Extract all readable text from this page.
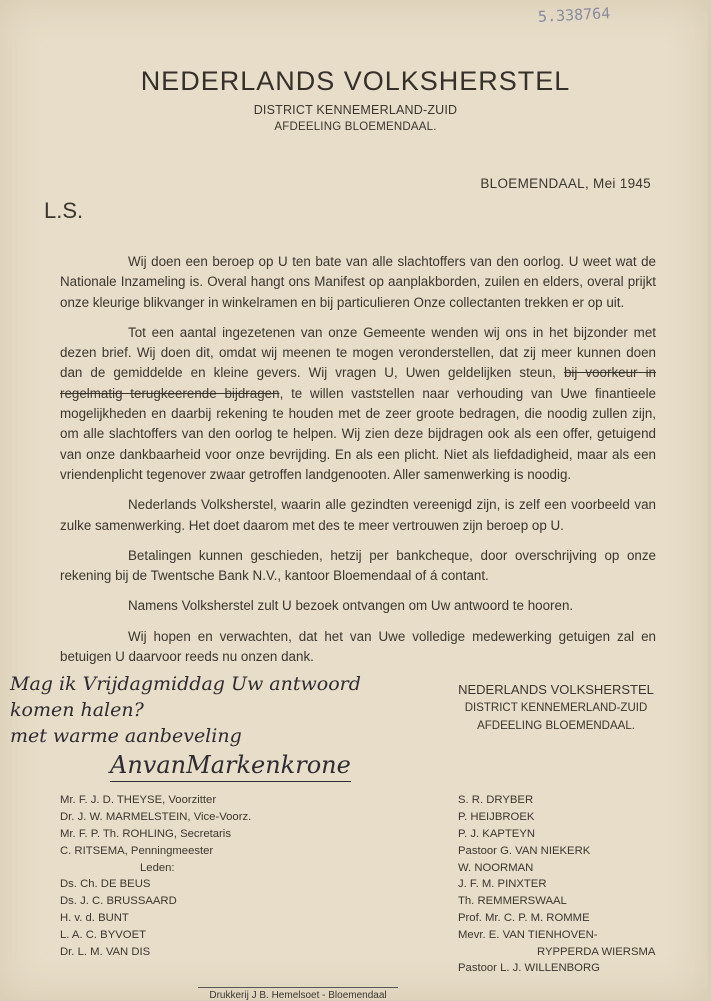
5.338764
NEDERLANDS VOLKSHERSTEL
DISTRICT KENNEMERLAND-ZUID
AFDEELING BLOEMENDAAL.
BLOEMENDAAL, Mei 1945
L.S.

Wij doen een beroep op U ten bate van alle slachtoffers van den oorlog. U weet wat de Nationale Inzameling is. Overal hangt ons Manifest op aanplakborden, zuilen en elders, overal prijkt onze kleurige blikvanger in winkelramen en bij particulieren Onze collectanten trekken er op uit.

Tot een aantal ingezetenen van onze Gemeente wenden wij ons in het bijzonder met dezen brief. Wij doen dit, omdat wij meenen te mogen veronderstellen, dat zij meer kunnen doen dan de gemiddelde en kleine gevers. Wij vragen U, Uwen geldelijken steun, bij voorkeur in regelmatig terugkeerende bijdragen, te willen vaststellen naar verhouding van Uwe finantieele mogelijkheden en daarbij rekening te houden met de zeer groote bedragen, die noodig zullen zijn, om alle slachtoffers van den oorlog te helpen. Wij zien deze bijdragen ook als een offer, getuigend van onze dankbaarheid voor onze bevrijding. En als een plicht. Niet als liefdadigheid, maar als een vriendenplicht tegenover zwaar getroffen landgenooten. Aller samenwerking is noodig.

Nederlands Volksherstel, waarin alle gezindten vereenigd zijn, is zelf een voorbeeld van zulke samenwerking. Het doet daarom met des te meer vertrouwen zijn beroep op U.

Betalingen kunnen geschieden, hetzij per bankcheque, door overschrijving op onze rekening bij de Twentsche Bank N.V., kantoor Bloemendaal of á contant.

Namens Volksherstel zult U bezoek ontvangen om Uw antwoord te hooren.

Wij hopen en verwachten, dat het van Uwe volledige medewerking getuigen zal en betuigen U daarvoor reeds nu onzen dank.

Mag ik Vrijdagmiddag Uw antwoord komen halen?
met warme aanbeveling
AnvanMarkenkrone
NEDERLANDS VOLKSHERSTEL
DISTRICT KENNEMERLAND-ZUID
AFDEELING BLOEMENDAAL.
Mr. F. J. D. THEYSE, Voorzitter
Dr. J. W. MARMELSTEIN, Vice-Voorz.
Mr. F. P. Th. ROHLING, Secretaris
C. RITSEMA, Penningmeester
Leden:
Ds. Ch. DE BEUS
Ds. J. C. BRUSSAARD
H. v. d. BUNT
L. A. C. BYVOET
Dr. L. M. VAN DIS
S. R. DRYBER
P. HEIJBROEK
P. J. KAPTEYN
Pastoor G. VAN NIEKERK
W. NOORMAN
J. F. M. PINXTER
Th. REMMERSWAAL
Prof. Mr. C. P. M. ROMME
Mevr. E. VAN TIENHOVEN-
RYPPERDA WIERSMA
Pastoor L. J. WILLENBORG
Drukkerij J B. Hemelsoet - Bloemendaal
